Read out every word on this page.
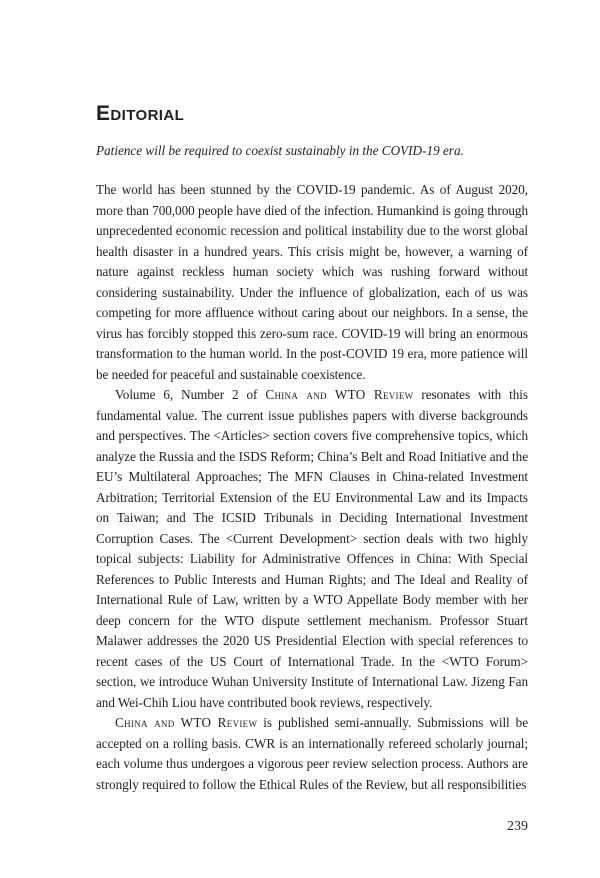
Editorial

Patience will be required to coexist sustainably in the COVID-19 era.

The world has been stunned by the COVID-19 pandemic. As of August 2020, more than 700,000 people have died of the infection. Humankind is going through unprecedented economic recession and political instability due to the worst global health disaster in a hundred years. This crisis might be, however, a warning of nature against reckless human society which was rushing forward without considering sustainability. Under the influence of globalization, each of us was competing for more affluence without caring about our neighbors. In a sense, the virus has forcibly stopped this zero-sum race. COVID-19 will bring an enormous transformation to the human world. In the post-COVID 19 era, more patience will be needed for peaceful and sustainable coexistence.

Volume 6, Number 2 of China and WTO Review resonates with this fundamental value. The current issue publishes papers with diverse backgrounds and perspectives. The <Articles> section covers five comprehensive topics, which analyze the Russia and the ISDS Reform; China’s Belt and Road Initiative and the EU’s Multilateral Approaches; The MFN Clauses in China-related Investment Arbitration; Territorial Extension of the EU Environmental Law and its Impacts on Taiwan; and The ICSID Tribunals in Deciding International Investment Corruption Cases. The <Current Development> section deals with two highly topical subjects: Liability for Administrative Offences in China: With Special References to Public Interests and Human Rights; and The Ideal and Reality of International Rule of Law, written by a WTO Appellate Body member with her deep concern for the WTO dispute settlement mechanism. Professor Stuart Malawer addresses the 2020 US Presidential Election with special references to recent cases of the US Court of International Trade. In the <WTO Forum> section, we introduce Wuhan University Institute of International Law. Jizeng Fan and Wei-Chih Liou have contributed book reviews, respectively.

China and WTO Review is published semi-annually. Submissions will be accepted on a rolling basis. CWR is an internationally refereed scholarly journal; each volume thus undergoes a vigorous peer review selection process. Authors are strongly required to follow the Ethical Rules of the Review, but all responsibilities

239
